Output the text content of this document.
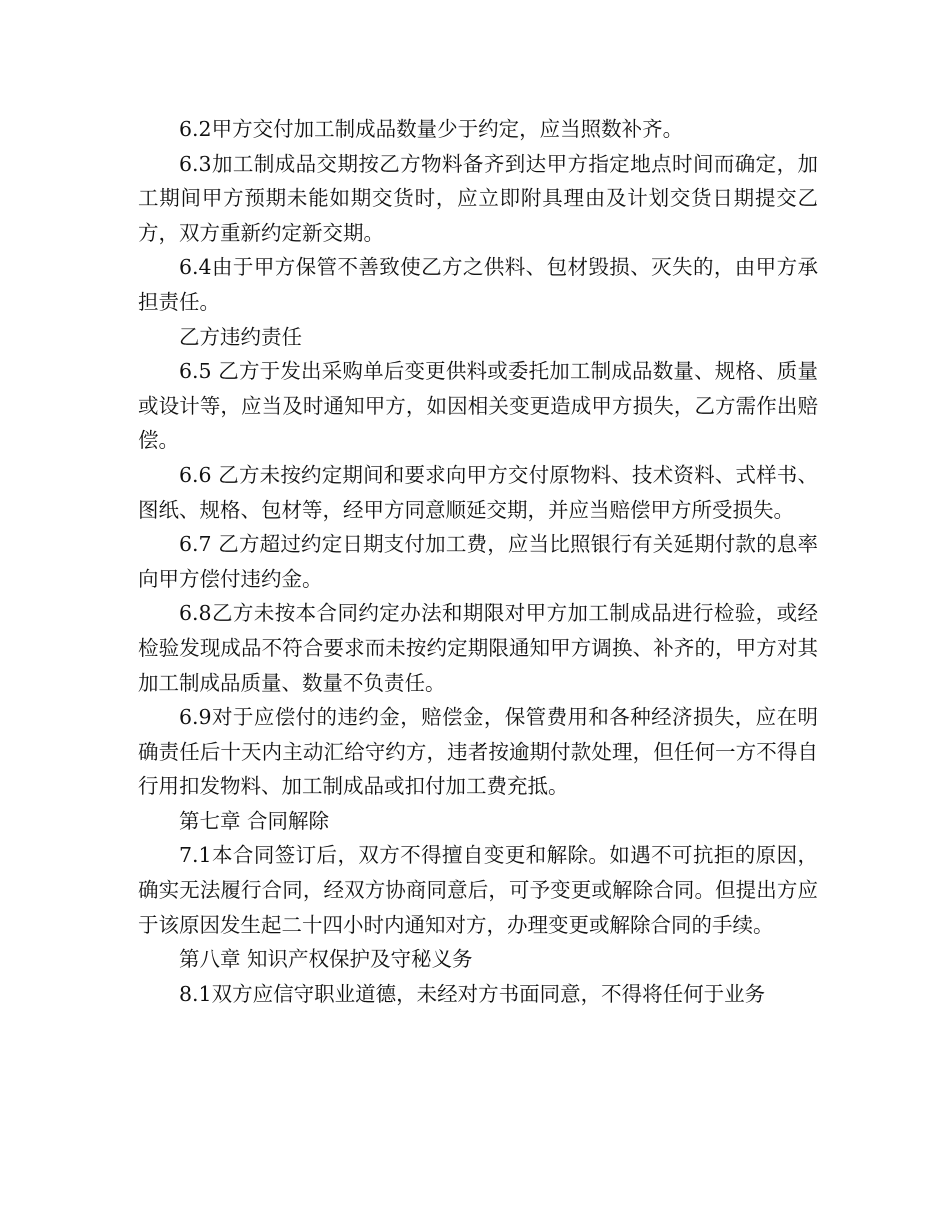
6.2甲方交付加工制成品数量少于约定，应当照数补齐。

6.3加工制成品交期按乙方物料备齐到达甲方指定地点时间而确定，加工期间甲方预期未能如期交货时，应立即附具理由及计划交货日期提交乙方，双方重新约定新交期。

6.4由于甲方保管不善致使乙方之供料、包材毁损、灭失的，由甲方承担责任。

乙方违约责任

6.5 乙方于发出采购单后变更供料或委托加工制成品数量、规格、质量或设计等，应当及时通知甲方，如因相关变更造成甲方损失，乙方需作出赔偿。

6.6 乙方未按约定期间和要求向甲方交付原物料、技术资料、式样书、图纸、规格、包材等，经甲方同意顺延交期，并应当赔偿甲方所受损失。

6.7 乙方超过约定日期支付加工费，应当比照银行有关延期付款的息率向甲方偿付违约金。

6.8乙方未按本合同约定办法和期限对甲方加工制成品进行检验，或经检验发现成品不符合要求而未按约定期限通知甲方调换、补齐的，甲方对其加工制成品质量、数量不负责任。

6.9对于应偿付的违约金，赔偿金，保管费用和各种经济损失，应在明确责任后十天内主动汇给守约方，违者按逾期付款处理，但任何一方不得自行用扣发物料、加工制成品或扣付加工费充抵。

第七章 合同解除

7.1本合同签订后，双方不得擅自变更和解除。如遇不可抗拒的原因，确实无法履行合同，经双方协商同意后，可予变更或解除合同。但提出方应于该原因发生起二十四小时内通知对方，办理变更或解除合同的手续。

第八章 知识产权保护及守秘义务

8.1双方应信守职业道德，未经对方书面同意，不得将任何于业务
